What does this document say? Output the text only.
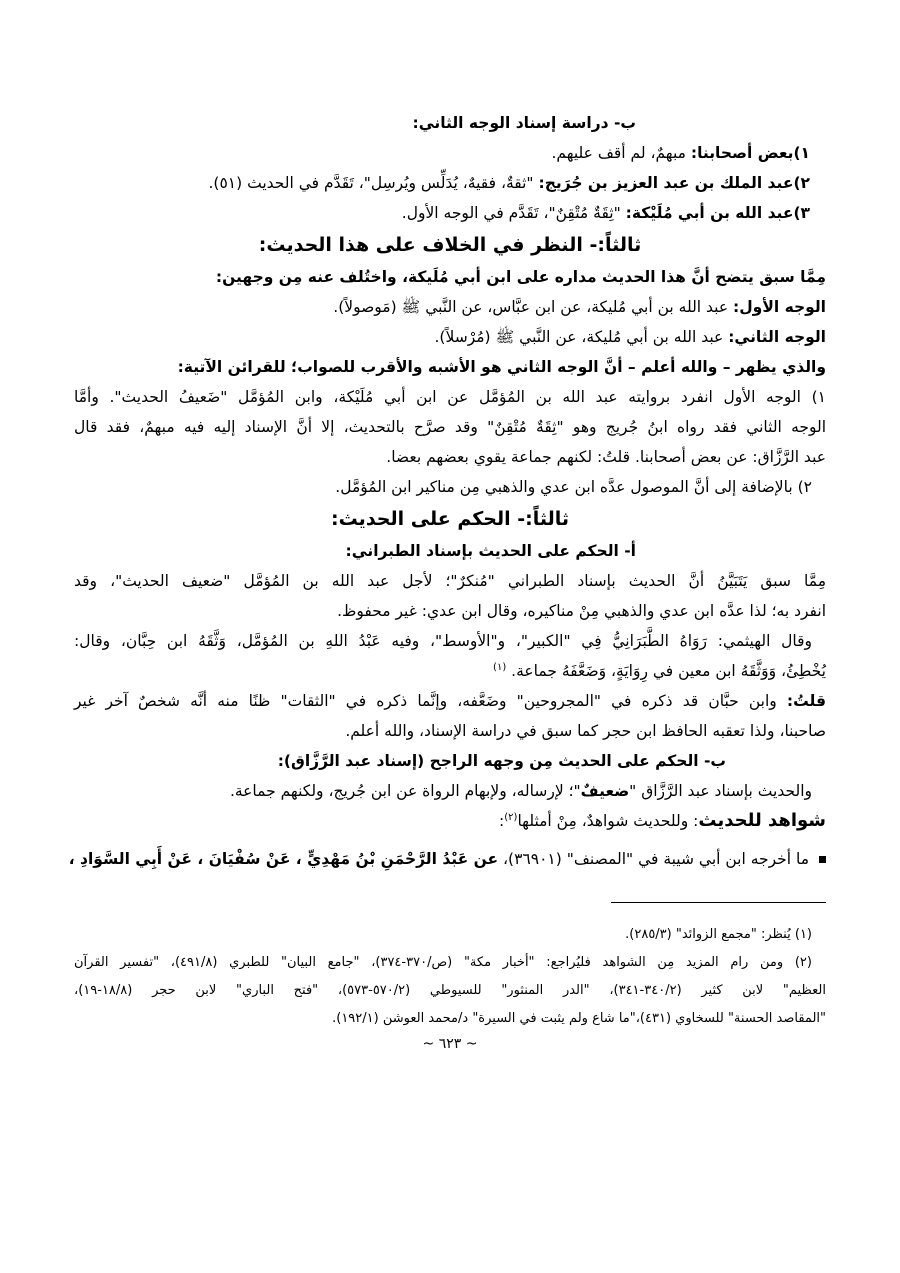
ب- دراسة إسناد الوجه الثاني:
١)بعض أصحابنا: مبهمٌ، لم أقف عليهم.
٢)عبد الملك بن عبد العزيز بن جُرَيج: "ثقةٌ، فقيهٌ، يُدَلِّس ويُرسِل"، تَقَدَّم في الحديث (٥١).
٣)عبد الله بن أبي مُلَيْكة: "ثِقَةٌ مُتْقِنٌ"، تَقَدَّم في الوجه الأول.
ثالثاً:- النظر في الخلاف على هذا الحديث:
مِمَّا سبق يتضح أنَّ هذا الحديث مداره على ابن أبي مُلَيكة، واختُلف عنه مِن وجهين:
الوجه الأول: عبد الله بن أبي مُليكة، عن ابن عبَّاس، عن النَّبي ﷺ (مَوصولاً).
الوجه الثاني: عبد الله بن أبي مُليكة، عن النَّبي ﷺ (مُرْسلاً).
والذي يظهر – والله أعلم – أنَّ الوجه الثاني هو الأشبه والأقرب للصواب؛ للقرائن الآتية:
١) الوجه الأول انفرد بروايته عبد الله بن المُؤمَّل عن ابن أبي مُلَيْكة، وابن المُؤمَّل "ضَعيفُ الحديث". وأمَّا
الوجه الثاني فقد رواه ابنُ جُريج وهو "ثِقَةٌ مُتْقِنٌ" وقد صرَّح بالتحديث، إلا أنَّ الإسناد إليه فيه مبهمٌ، فقد قال
عبد الرَّزَّاق: عن بعض أصحابنا. قلتُ: لكنهم جماعة يقوي بعضهم بعضا.
٢) بالإضافة إلى أنَّ الموصول عدَّه ابن عدي والذهبي مِن مناكير ابن المُؤمَّل.
ثالثاً:- الحكم على الحديث:
أ- الحكم على الحديث بإسناد الطبراني:
مِمَّا سبق يَتَبَيَّنُ أنَّ الحديث بإسناد الطبراني "مُنكرٌ"؛ لأجل عبد الله بن المُؤمَّل "ضعيف الحديث"، وقد
انفرد به؛ لذا عدَّه ابن عدي والذهبي مِنْ مناكيره، وقال ابن عدي: غير محفوظ.
وقال الهيثمي: رَوَاهُ الطَّبَرَانِيُّ فِي "الكبير"، و"الأوسط"، وفيه عَبْدُ اللهِ بن المُؤمَّل، وَثَّقَهُ ابن حِبَّان، وقال:
يُخْطِئُ، وَوَثَّقَهُ ابن معين في رِوَايَةٍ، وَضَعَّفَهُ جماعة. $^{(١)}$
قلتُ: وابن حبَّان قد ذكره في "المجروحين" وضَعَّفه، وإنَّما ذكره في "الثقات" ظنًا منه أنَّه شخصٌ آخر غير
صاحبنا، ولذا تعقبه الحافظ ابن حجر كما سبق في دراسة الإسناد، والله أعلم.
ب- الحكم على الحديث مِن وجهه الراجح (إسناد عبد الرَّزَّاق):
والحديث بإسناد عبد الرَّزَّاق "ضعيفٌ"؛ لإرساله، ولإبهام الرواة عن ابن جُريج، ولكنهم جماعة.
شواهد للحديث: وللحديث شواهدٌ، مِنْ أمثلها$^{(٢)}$:
ما أخرجه ابن أبي شيبة في "المصنف" (٣٦٩٠١)، عن عَبْدُ الرَّحْمَنِ بْنُ مَهْدِيٍّ ، عَنْ سُفْيَانَ ، عَنْ أَبِي السَّوَادِ ،
(١) يُنظر: "مجمع الزوائد" (٢٨٥/٣).
(٢) ومن رام المزيد مِن الشواهد فليُراجع: "أخبار مكة" (ص/٣٧٠-٣٧٤)، "جامع البيان" للطبري (٤٩١/٨)، "تفسير القرآن
العظيم" لابن كثير (٣٤٠/٢-٣٤١)، "الدر المنثور" للسيوطي (٥٧٠/٢-٥٧٣)، "فتح الباري" لابن حجر (١٨/٨-١٩)،
"المقاصد الحسنة" للسخاوي (٤٣١)،"ما شاع ولم يثبت في السيرة" د/محمد العوشن (١٩٢/١).
~ ٦٢٣ ~
